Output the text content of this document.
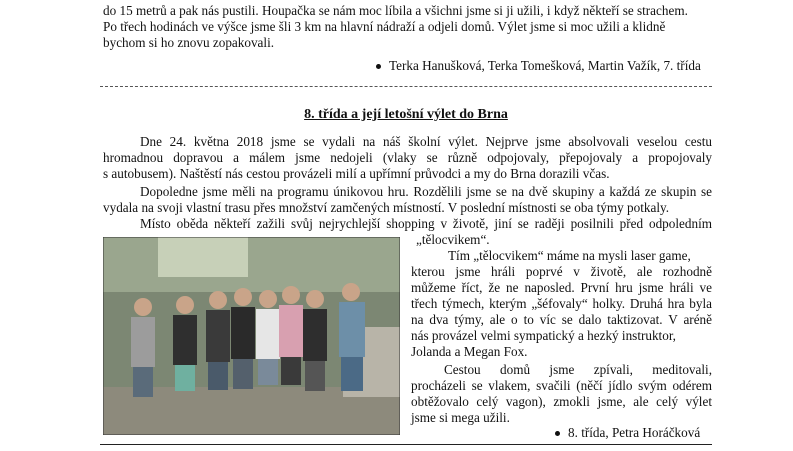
do 15 metrů a pak nás pustili. Houpačka se nám moc líbila a všichni jsme si ji užili, i když někteří se strachem.
Po třech hodinách ve výšce jsme šli 3 km na hlavní nádraží a odjeli domů. Výlet jsme si moc užili a klidně
bychom si ho znovu zopakovali.
Terka Hanušková, Terka Tomešková, Martin Važík, 7. třída
8. třída a její letošní výlet do Brna
Dne 24. května 2018 jsme se vydali na náš školní výlet. Nejprve jsme absolvovali veselou cestu
hromadnou dopravou a málem jsme nedojeli (vlaky se různě odpojovaly, přepojovaly a propojovaly
s autobusem). Naštěstí nás cestou provázeli milí a upřímní průvodci a my do Brna dorazili včas.
Dopoledne jsme měli na programu únikovou hru. Rozdělili jsme se na dvě skupiny a každá ze skupin se
vydala na svoji vlastní trasu přes množství zamčených místností. V poslední místnosti se oba týmy potkaly.
Místo oběda někteří zažili svůj nejrychlejší shopping v životě, jiní se raději posilnili před odpoledním
„tělocvikem“.
Tím „tělocvikem“ máme na mysli laser game,
kterou jsme hráli poprvé v životě, ale rozhodně
můžeme říct, že ne naposled. První hru jsme hráli ve
třech týmech, kterým „šéfovaly“ holky. Druhá hra byla
na dva týmy, ale o to víc se dalo taktizovat. V aréně
nás provázel velmi sympatický a hezký instruktor,
Jolanda a Megan Fox.
Cestou domů jsme zpívali, meditovali,
procházeli se vlakem, svačili (něčí jídlo svým odérem
obtěžovalo celý vagon), zmokli jsme, ale celý výlet
jsme si mega užili.
8. třída, Petra Horáčková
